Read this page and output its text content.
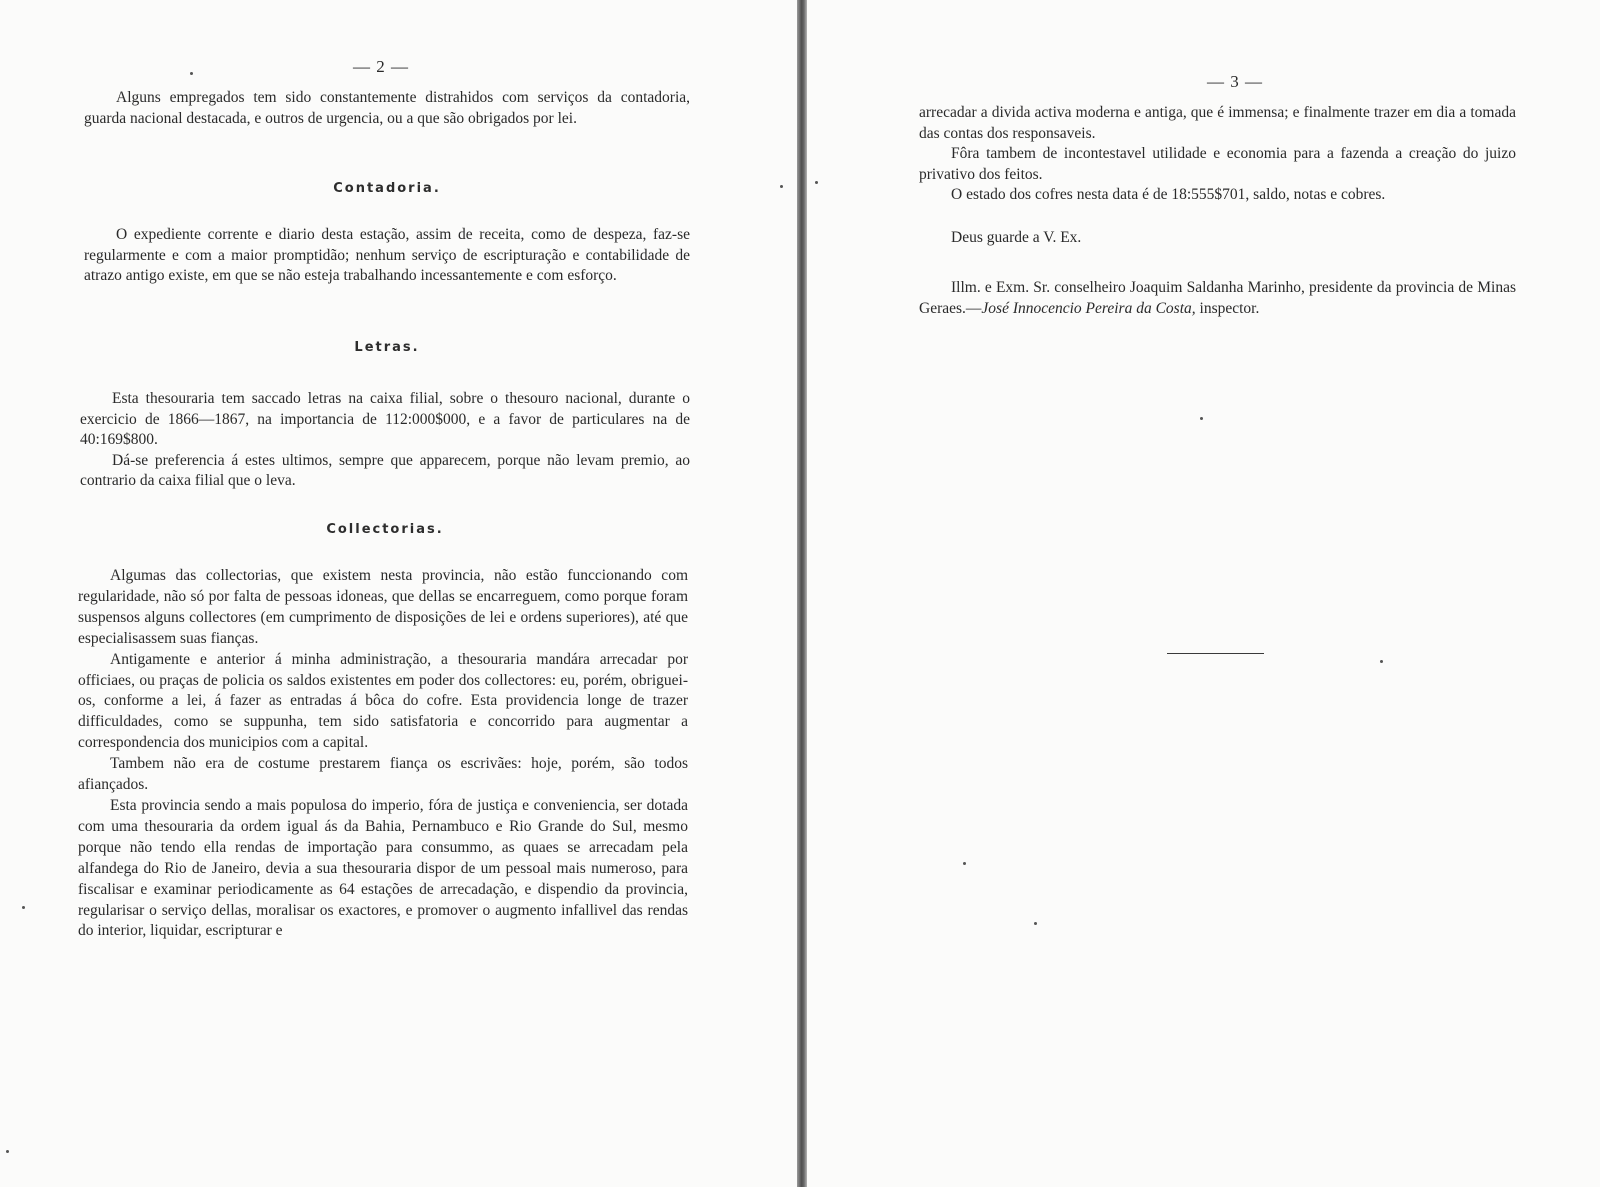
— 2 —

Alguns empregados tem sido constantemente distrahidos com serviços da contadoria, guarda nacional destacada, e outros de urgencia, ou a que são obrigados por lei.

Contadoria.

O expediente corrente e diario desta estação, assim de receita, como de despeza, faz-se regularmente e com a maior promptidão; nenhum serviço de escripturação e contabilidade de atrazo antigo existe, em que se não esteja trabalhando incessantemente e com esforço.

Letras.

Esta thesouraria tem saccado letras na caixa filial, sobre o thesouro nacional, durante o exercicio de 1866—1867, na importancia de 112:000$000, e a favor de particulares na de 40:169$800.

Dá-se preferencia á estes ultimos, sempre que apparecem, porque não levam premio, ao contrario da caixa filial que o leva.

Collectorias.

Algumas das collectorias, que existem nesta provincia, não estão funccionando com regularidade, não só por falta de pessoas idoneas, que dellas se encarreguem, como porque foram suspensos alguns collectores (em cumprimento de disposições de lei e ordens superiores), até que especialisassem suas fianças.

Antigamente e anterior á minha administração, a thesouraria mandára arrecadar por officiaes, ou praças de policia os saldos existentes em poder dos collectores: eu, porém, obriguei-os, conforme a lei, á fazer as entradas á bôca do cofre. Esta providencia longe de trazer difficuldades, como se suppunha, tem sido satisfatoria e concorrido para augmentar a correspondencia dos municipios com a capital.

Tambem não era de costume prestarem fiança os escrivães: hoje, porém, são todos afiançados.

Esta provincia sendo a mais populosa do imperio, fóra de justiça e conveniencia, ser dotada com uma thesouraria da ordem igual ás da Bahia, Pernambuco e Rio Grande do Sul, mesmo porque não tendo ella rendas de importação para consummo, as quaes se arrecadam pela alfandega do Rio de Janeiro, devia a sua thesouraria dispor de um pessoal mais numeroso, para fiscalisar e examinar periodicamente as 64 estações de arrecadação, e dispendio da provincia, regularisar o serviço dellas, moralisar os exactores, e promover o augmento infallivel das rendas do interior, liquidar, escripturar e

— 3 —

arrecadar a divida activa moderna e antiga, que é immensa; e finalmente trazer em dia a tomada das contas dos responsaveis.

Fôra tambem de incontestavel utilidade e economia para a fazenda a creação do juizo privativo dos feitos.

O estado dos cofres nesta data é de 18:555$701, saldo, notas e cobres.

Deus guarde a V. Ex.

Illm. e Exm. Sr. conselheiro Joaquim Saldanha Marinho, presidente da provincia de Minas Geraes.—José Innocencio Pereira da Costa, inspector.
